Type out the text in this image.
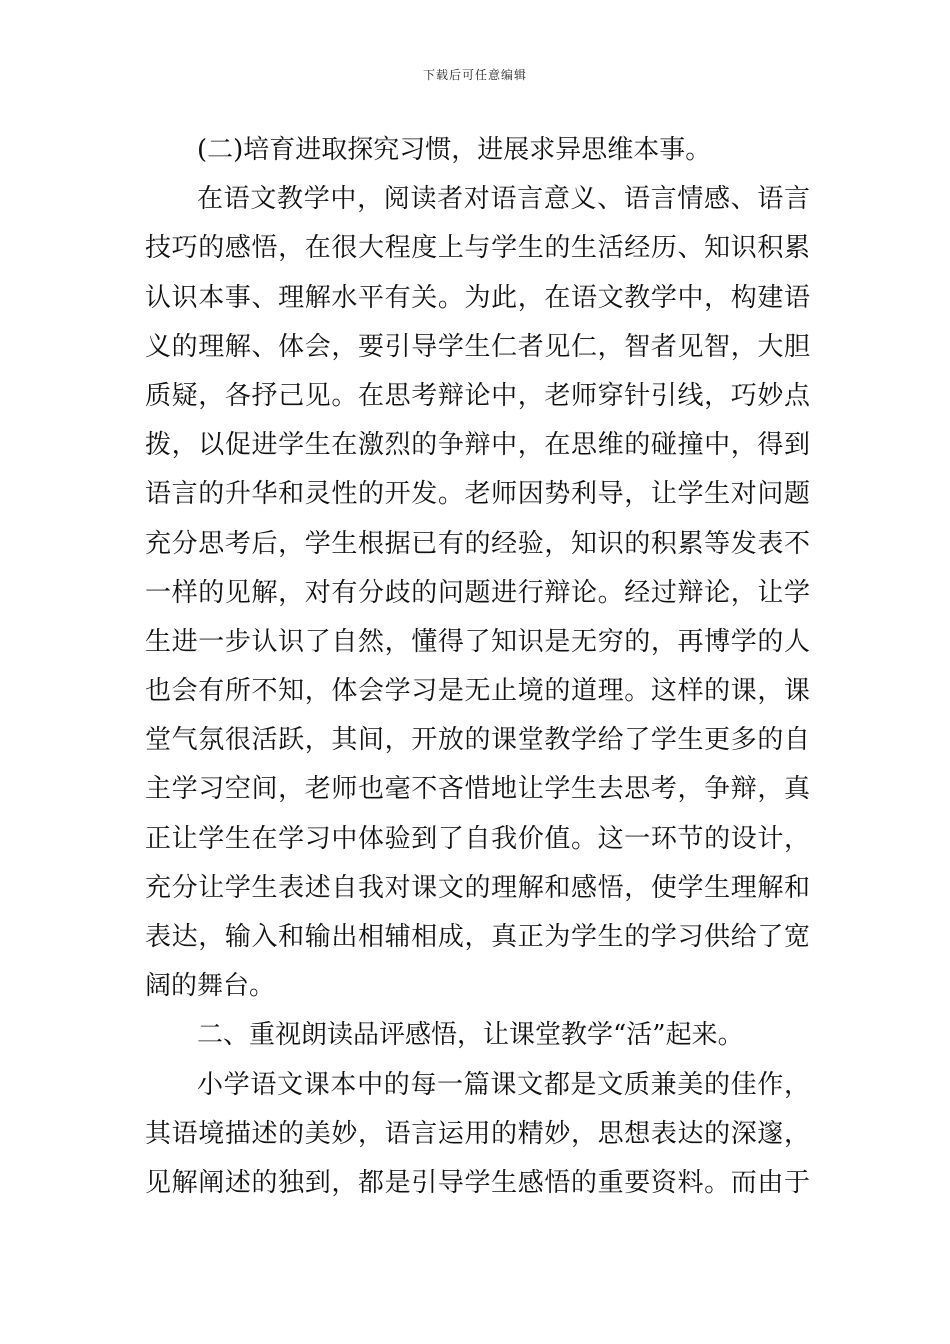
下载后可任意编辑
(二)培育进取探究习惯，进展求异思维本事。
在语文教学中，阅读者对语言意义、语言情感、语言
技巧的感悟，在很大程度上与学生的生活经历、知识积累
认识本事、理解水平有关。为此，在语文教学中，构建语
义的理解、体会，要引导学生仁者见仁，智者见智，大胆
质疑，各抒己见。在思考辩论中，老师穿针引线，巧妙点
拨，以促进学生在激烈的争辩中，在思维的碰撞中，得到
语言的升华和灵性的开发。老师因势利导，让学生对问题
充分思考后，学生根据已有的经验，知识的积累等发表不
一样的见解，对有分歧的问题进行辩论。经过辩论，让学
生进一步认识了自然，懂得了知识是无穷的，再博学的人
也会有所不知，体会学习是无止境的道理。这样的课，课
堂气氛很活跃，其间，开放的课堂教学给了学生更多的自
主学习空间，老师也毫不吝惜地让学生去思考，争辩，真
正让学生在学习中体验到了自我价值。这一环节的设计，
充分让学生表述自我对课文的理解和感悟，使学生理解和
表达，输入和输出相辅相成，真正为学生的学习供给了宽
阔的舞台。
二、重视朗读品评感悟，让课堂教学“活”起来。
小学语文课本中的每一篇课文都是文质兼美的佳作，
其语境描述的美妙，语言运用的精妙，思想表达的深邃，
见解阐述的独到，都是引导学生感悟的重要资料。而由于
